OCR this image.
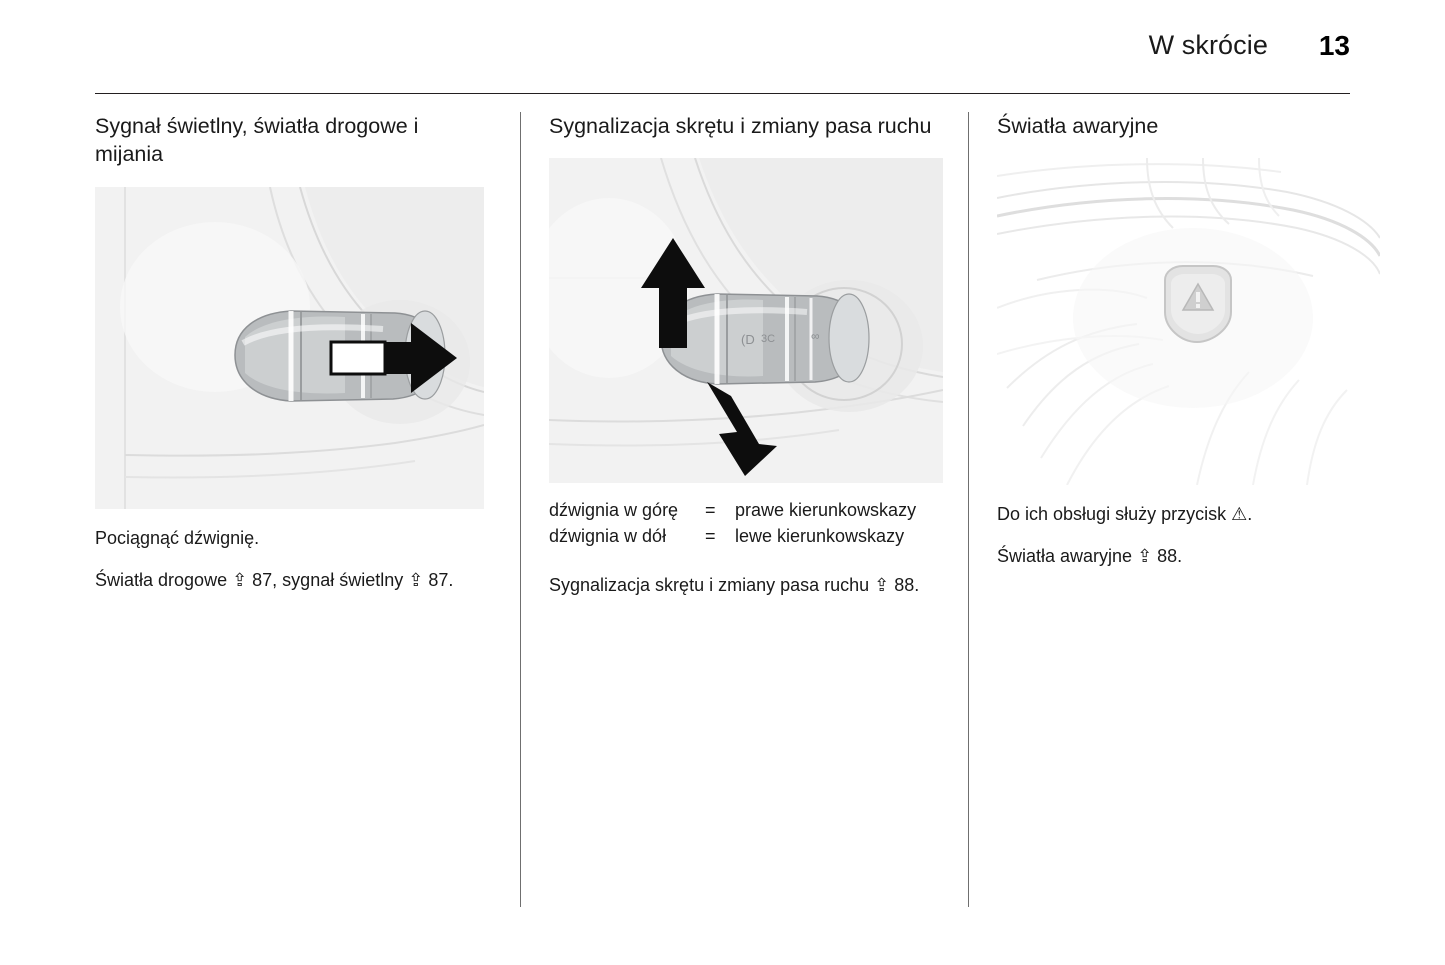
W skrócie	13
Sygnał świetlny, światła drogowe i mijania

Pociągnąć dźwignię.

Światła drogowe ⇪ 87, sygnał świetlny ⇪ 87.

Sygnalizacja skrętu i zmiany pasa ruchu
(D 3C	∞
dźwignia w górę	=	prawe kierunkowskazy
dźwignia w dół	=	lewe kierunkowskazy

Sygnalizacja skrętu i zmiany pasa ruchu ⇪ 88.

Światła awaryjne

Do ich obsługi służy przycisk ⚠.

Światła awaryjne ⇪ 88.
